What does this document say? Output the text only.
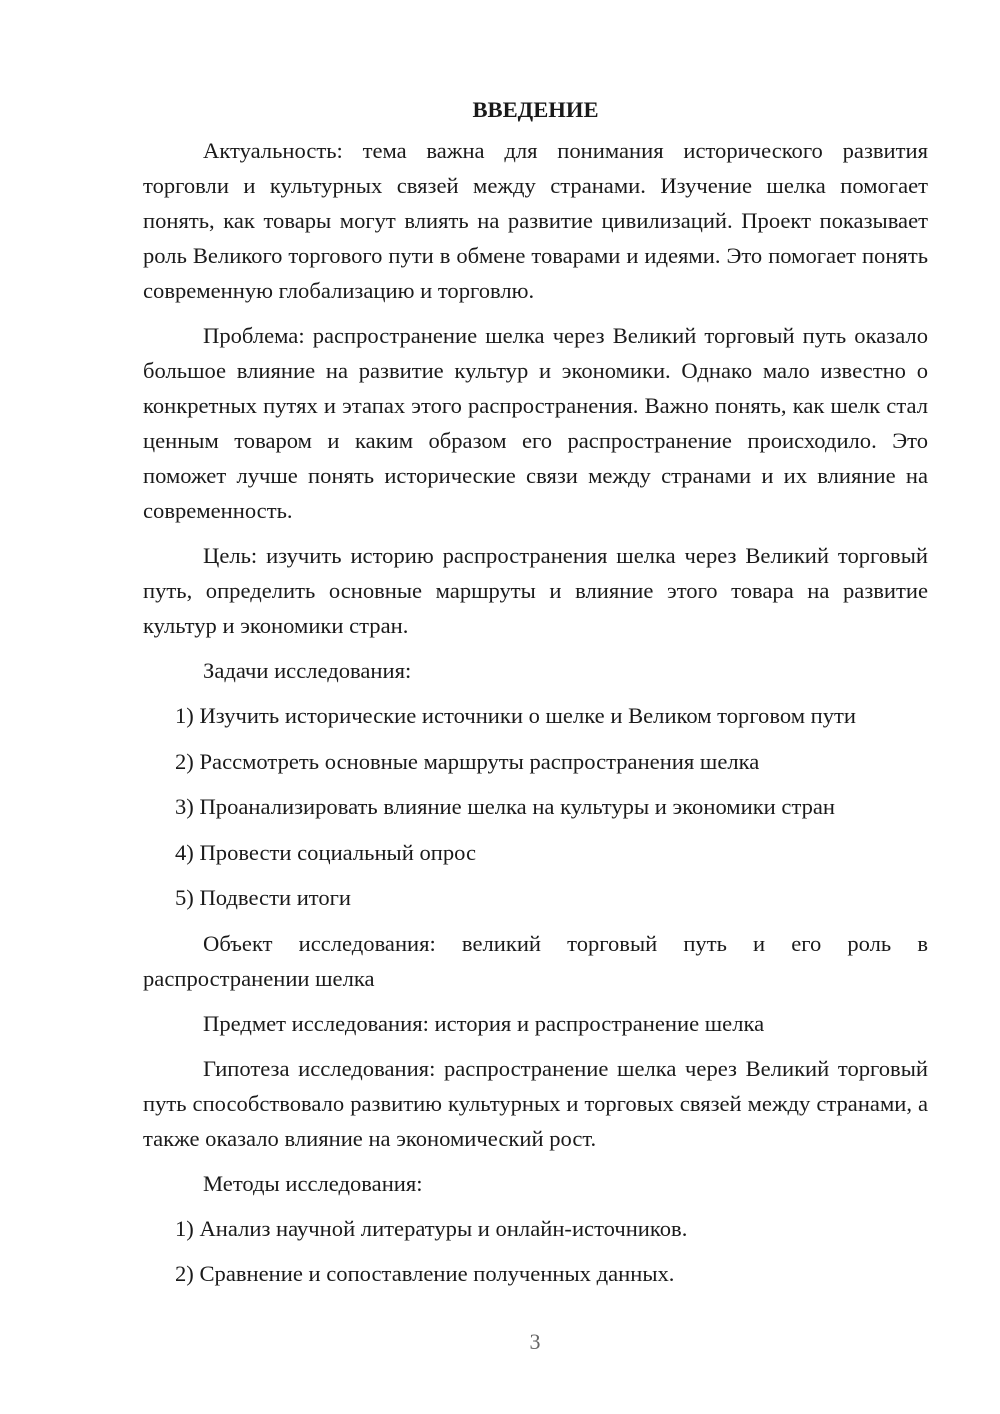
ВВЕДЕНИЕ

Актуальность: тема важна для понимания исторического развития торговли и культурных связей между странами. Изучение шелка помогает понять, как товары могут влиять на развитие цивилизаций. Проект показывает роль Великого торгового пути в обмене товарами и идеями. Это помогает понять современную глобализацию и торговлю.

Проблема: распространение шелка через Великий торговый путь оказало большое влияние на развитие культур и экономики. Однако мало известно о конкретных путях и этапах этого распространения. Важно понять, как шелк стал ценным товаром и каким образом его распространение происходило. Это поможет лучше понять исторические связи между странами и их влияние на современность.

Цель: изучить историю распространения шелка через Великий торговый путь, определить основные маршруты и влияние этого товара на развитие культур и экономики стран.

Задачи исследования:

1) Изучить исторические источники о шелке и Великом торговом пути

2) Рассмотреть основные маршруты распространения шелка

3) Проанализировать влияние шелка на культуры и экономики стран

4) Провести социальный опрос

5) Подвести итоги

Объект исследования: великий торговый путь и его роль в распространении шелка

Предмет исследования: история и распространение шелка

Гипотеза исследования: распространение шелка через Великий торговый путь способствовало развитию культурных и торговых связей между странами, а также оказало влияние на экономический рост.

Методы исследования:

1) Анализ научной литературы и онлайн-источников.

2) Сравнение и сопоставление полученных данных.

3
